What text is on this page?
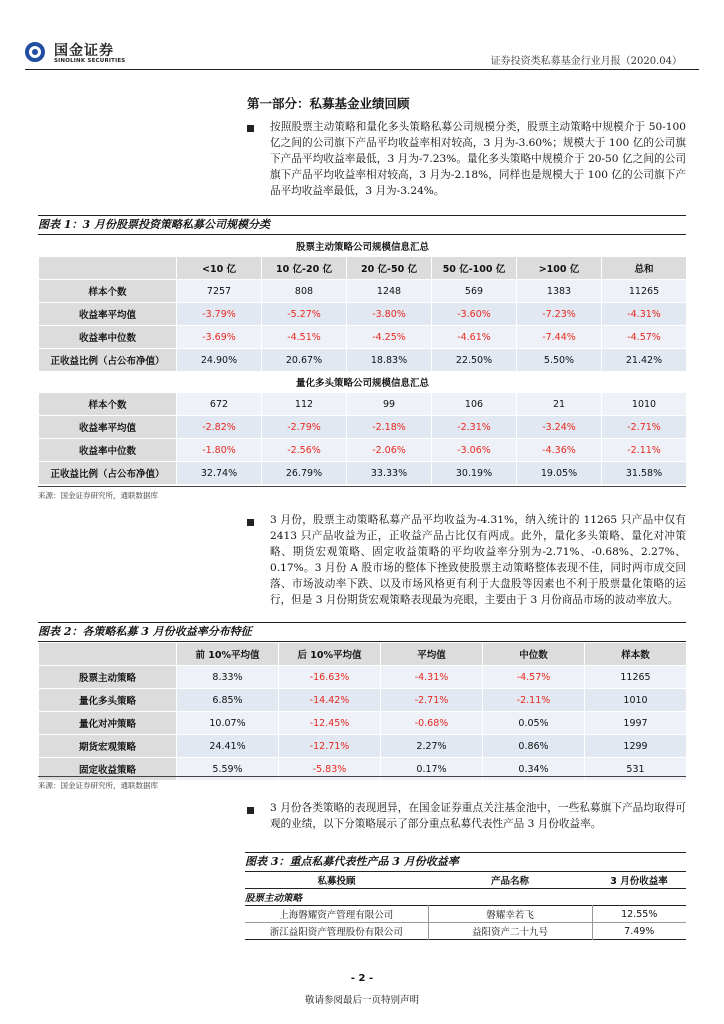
国金证券
SINOLINK SECURITIES	证券投资类私募基金行业月报（2020.04）
第一部分：私募基金业绩回顾
按照股票主动策略和量化多头策略私募公司规模分类，股票主动策略中规模介于 50-100 亿之间的公司旗下产品平均收益率相对较高，3 月为-3.60%；规模大于 100 亿的公司旗下产品平均收益率最低，3 月为-7.23%。量化多头策略中规模介于 20-50 亿之间的公司旗下产品平均收益率相对较高，3 月为-2.18%，同样也是规模大于 100 亿的公司旗下产品平均收益率最低，3 月为-3.24%。
图表 1：3 月份股票投资策略私募公司规模分类
股票主动策略公司规模信息汇总						
	<10 亿	10 亿-20 亿	20 亿-50 亿	50 亿-100 亿	>100 亿	总和
样本个数	7257	808	1248	569	1383	11265
收益率平均值	-3.79%	-5.27%	-3.80%	-3.60%	-7.23%	-4.31%
收益率中位数	-3.69%	-4.51%	-4.25%	-4.61%	-7.44%	-4.57%
正收益比例（占公布净值）	24.90%	20.67%	18.83%	22.50%	5.50%	21.42%
量化多头策略公司规模信息汇总						
样本个数	672	112	99	106	21	1010
收益率平均值	-2.82%	-2.79%	-2.18%	-2.31%	-3.24%	-2.71%
收益率中位数	-1.80%	-2.56%	-2.06%	-3.06%	-4.36%	-2.11%
正收益比例（占公布净值）	32.74%	26.79%	33.33%	30.19%	19.05%	31.58%
来源：国金证券研究所，通联数据库
3 月份，股票主动策略私募产品平均收益为-4.31%，纳入统计的 11265 只产品中仅有 2413 只产品收益为正，正收益产品占比仅有两成。此外，量化多头策略、量化对冲策略、期货宏观策略、固定收益策略的平均收益率分别为-2.71%、-0.68%、2.27%、0.17%。3 月份 A 股市场的整体下挫致使股票主动策略整体表现不佳，同时两市成交回落、市场波动率下跌、以及市场风格更有利于大盘股等因素也不利于股票量化策略的运行，但是 3 月份期货宏观策略表现最为亮眼，主要由于 3 月份商品市场的波动率放大。
图表 2：各策略私募 3 月份收益率分布特征
	前 10%平均值	后 10%平均值	平均值	中位数	样本数
股票主动策略	8.33%	-16.63%	-4.31%	-4.57%	11265
量化多头策略	6.85%	-14.42%	-2.71%	-2.11%	1010
量化对冲策略	10.07%	-12.45%	-0.68%	0.05%	1997
期货宏观策略	24.41%	-12.71%	2.27%	0.86%	1299
固定收益策略	5.59%	-5.83%	0.17%	0.34%	531
来源：国金证券研究所，通联数据库
3 月份各类策略的表现迥异，在国金证券重点关注基金池中，一些私募旗下产品均取得可观的业绩，以下分策略展示了部分重点私募代表性产品 3 月份收益率。
图表 3：重点私募代表性产品 3 月份收益率
私募投顾	产品名称	3 月份收益率
股票主动策略		
上海磐耀资产管理有限公司	磐耀幸若飞	12.55%
浙江益阳资产管理股份有限公司	益阳资产二十九号	7.49%
- 2 -
敬请参阅最后一页特别声明
